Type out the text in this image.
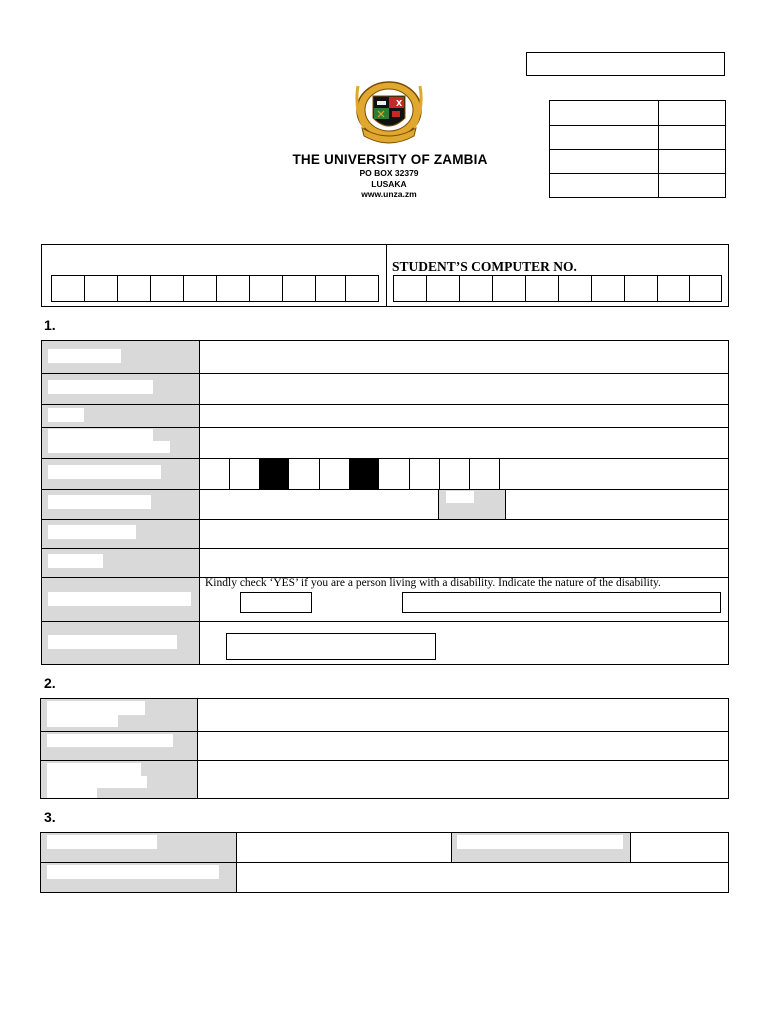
X
THE UNIVERSITY OF ZAMBIA
PO BOX 32379
LUSAKA
www.unza.zm
STUDENT’S COMPUTER NO.
1.
Kindly check ‘YES’ if you are a person living with a disability. Indicate the nature of the disability.
2.
3.
